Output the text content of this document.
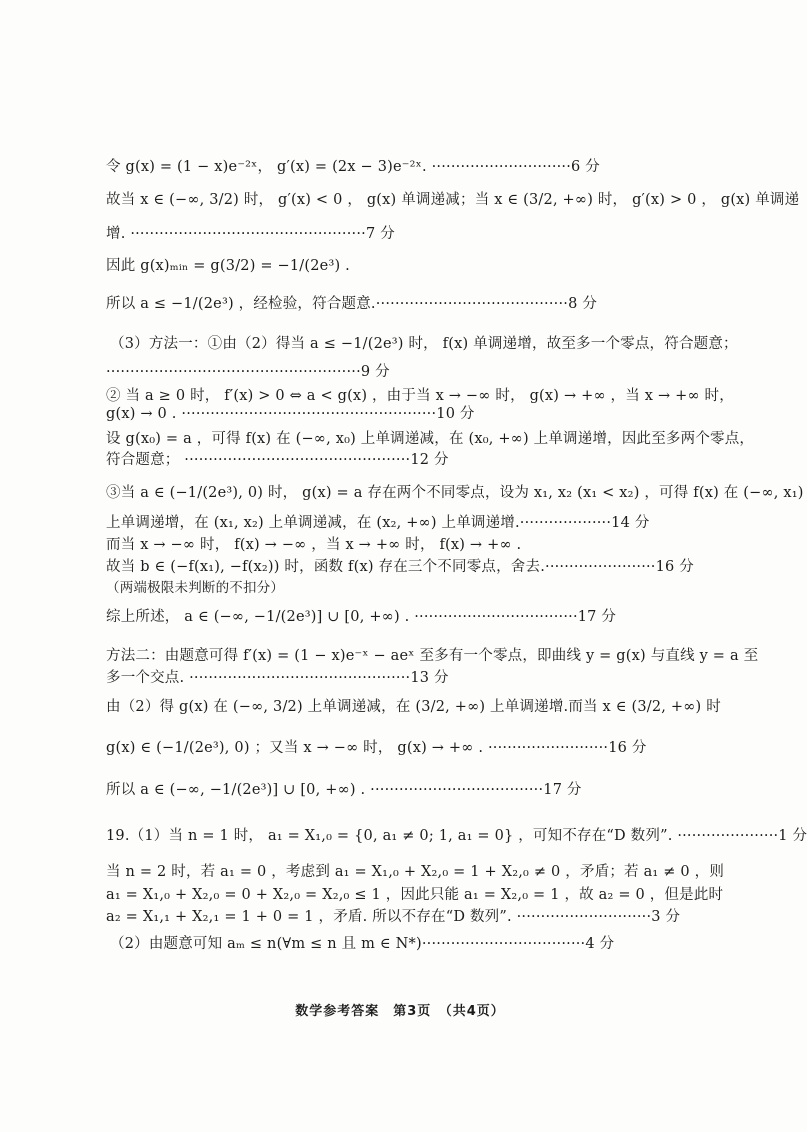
令 g(x) = (1 − x)e⁻²ˣ， g′(x) = (2x − 3)e⁻²ˣ. ·····························6 分
故当 x ∈ (−∞, 3/2) 时， g′(x) < 0 ， g(x) 单调递减；当 x ∈ (3/2, +∞) 时， g′(x) > 0 ， g(x) 单调递
增. ·················································7 分
因此 g(x)ₘᵢₙ = g(3/2) = −1/(2e³) .
所以 a ≤ −1/(2e³) ，经检验，符合题意.········································8 分
（3）方法一：①由（2）得当 a ≤ −1/(2e³) 时， f(x) 单调递增，故至多一个零点，符合题意；
·····················································9 分
② 当 a ≥ 0 时， f′(x) > 0 ⇔ a < g(x) ，由于当 x → −∞ 时， g(x) → +∞ ，当 x → +∞ 时，
g(x) → 0 . ·····················································10 分
设 g(x₀) = a ，可得 f(x) 在 (−∞, x₀) 上单调递减，在 (x₀, +∞) 上单调递增，因此至多两个零点，
符合题意； ···············································12 分
③当 a ∈ (−1/(2e³), 0) 时， g(x) = a 存在两个不同零点，设为 x₁, x₂ (x₁ < x₂) ，可得 f(x) 在 (−∞, x₁)
上单调递增，在 (x₁, x₂) 上单调递减，在 (x₂, +∞) 上单调递增.···················14 分
而当 x → −∞ 时， f(x) → −∞ ，当 x → +∞ 时， f(x) → +∞ .
故当 b ∈ (−f(x₁), −f(x₂)) 时，函数 f(x) 存在三个不同零点，舍去.·······················16 分
（两端极限未判断的不扣分）
综上所述， a ∈ (−∞, −1/(2e³)] ∪ [0, +∞) . ··································17 分
方法二：由题意可得 f′(x) = (1 − x)e⁻ˣ − aeˣ 至多有一个零点，即曲线 y = g(x) 与直线 y = a 至
多一个交点. ··············································13 分
由（2）得 g(x) 在 (−∞, 3/2) 上单调递减，在 (3/2, +∞) 上单调递增.而当 x ∈ (3/2, +∞) 时
g(x) ∈ (−1/(2e³), 0) ；又当 x → −∞ 时， g(x) → +∞ . ·························16 分
所以 a ∈ (−∞, −1/(2e³)] ∪ [0, +∞) . ····································17 分
19.（1）当 n = 1 时， a₁ = X₁,₀ = {0, a₁ ≠ 0; 1, a₁ = 0} ，可知不存在“D 数列”. ·····················1 分
当 n = 2 时，若 a₁ = 0 ，考虑到 a₁ = X₁,₀ + X₂,₀ = 1 + X₂,₀ ≠ 0 ，矛盾；若 a₁ ≠ 0 ，则
a₁ = X₁,₀ + X₂,₀ = 0 + X₂,₀ = X₂,₀ ≤ 1 ，因此只能 a₁ = X₂,₀ = 1 ，故 a₂ = 0 ，但是此时
a₂ = X₁,₁ + X₂,₁ = 1 + 0 = 1 ，矛盾. 所以不存在“D 数列”. ····························3 分
（2）由题意可知 aₘ ≤ n(∀m ≤ n 且 m ∈ N*)··································4 分
数学参考答案　第3页　（共4页）
